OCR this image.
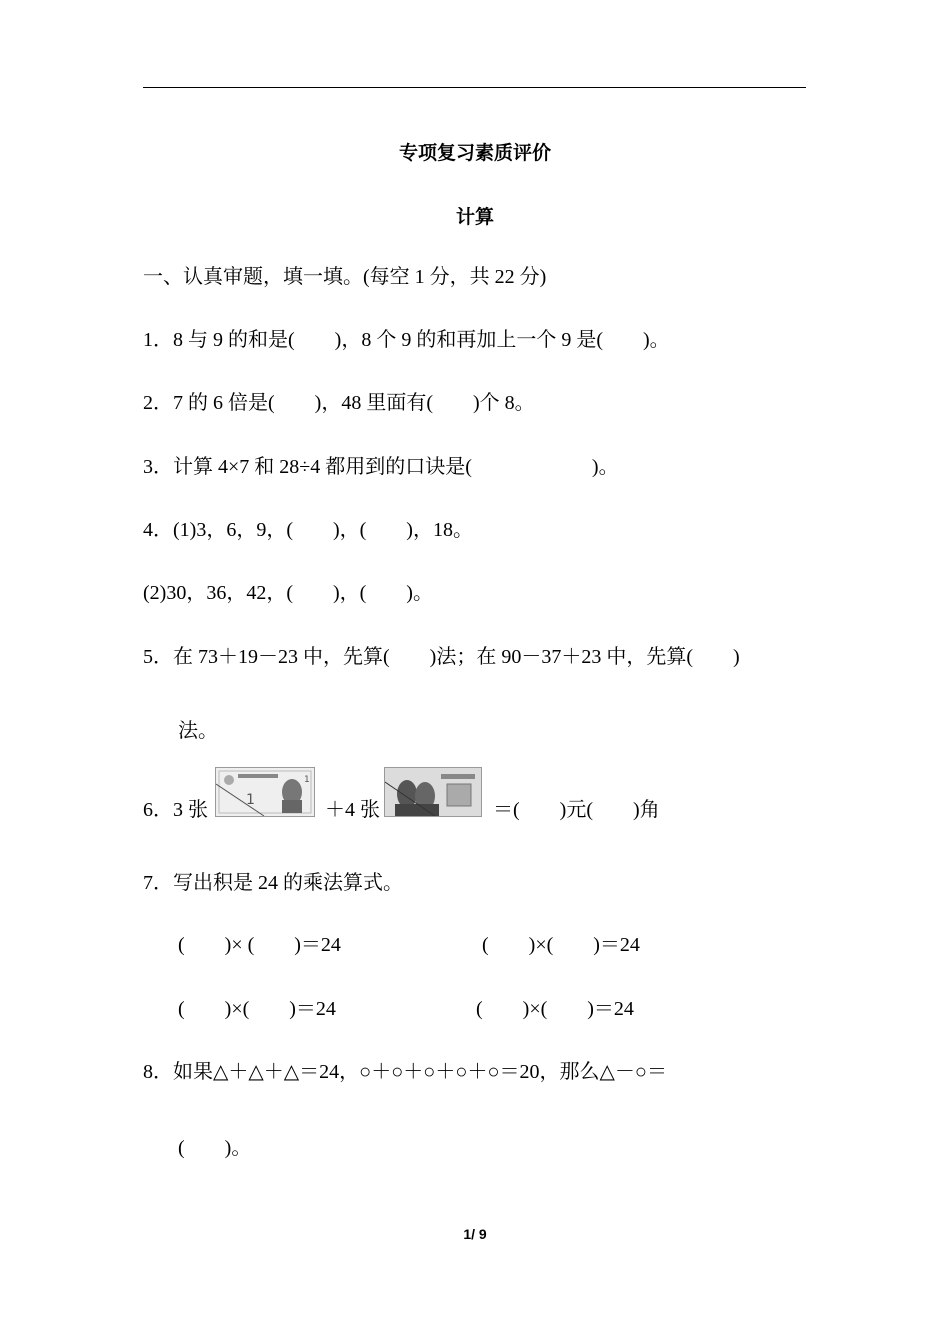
专项复习素质评价
计算
一、认真审题，填一填。(每空 1 分，共 22 分)
1．8 与 9 的和是(        )，8 个 9 的和再加上一个 9 是(        )。
2．7 的 6 倍是(        )，48 里面有(        )个 8。
3．计算 4×7 和 28÷4 都用到的口诀是(                        )。
4．(1)3，6，9，(        )，(        )，18。
(2)30，36，42，(        )，(        )。
5．在 73＋19－23 中，先算(        )法；在 90－37＋23 中，先算(        )
法。
6．3 张	1
1
＋4 张	＝(        )元(        )角
7．写出积是 24 的乘法算式。
(        )× (        )＝24	(        )×(        )＝24
(        )×(        )＝24	(        )×(        )＝24
8．如果△＋△＋△＝24，○＋○＋○＋○＋○＝20，那么△－○＝
(        )。
1/ 9
